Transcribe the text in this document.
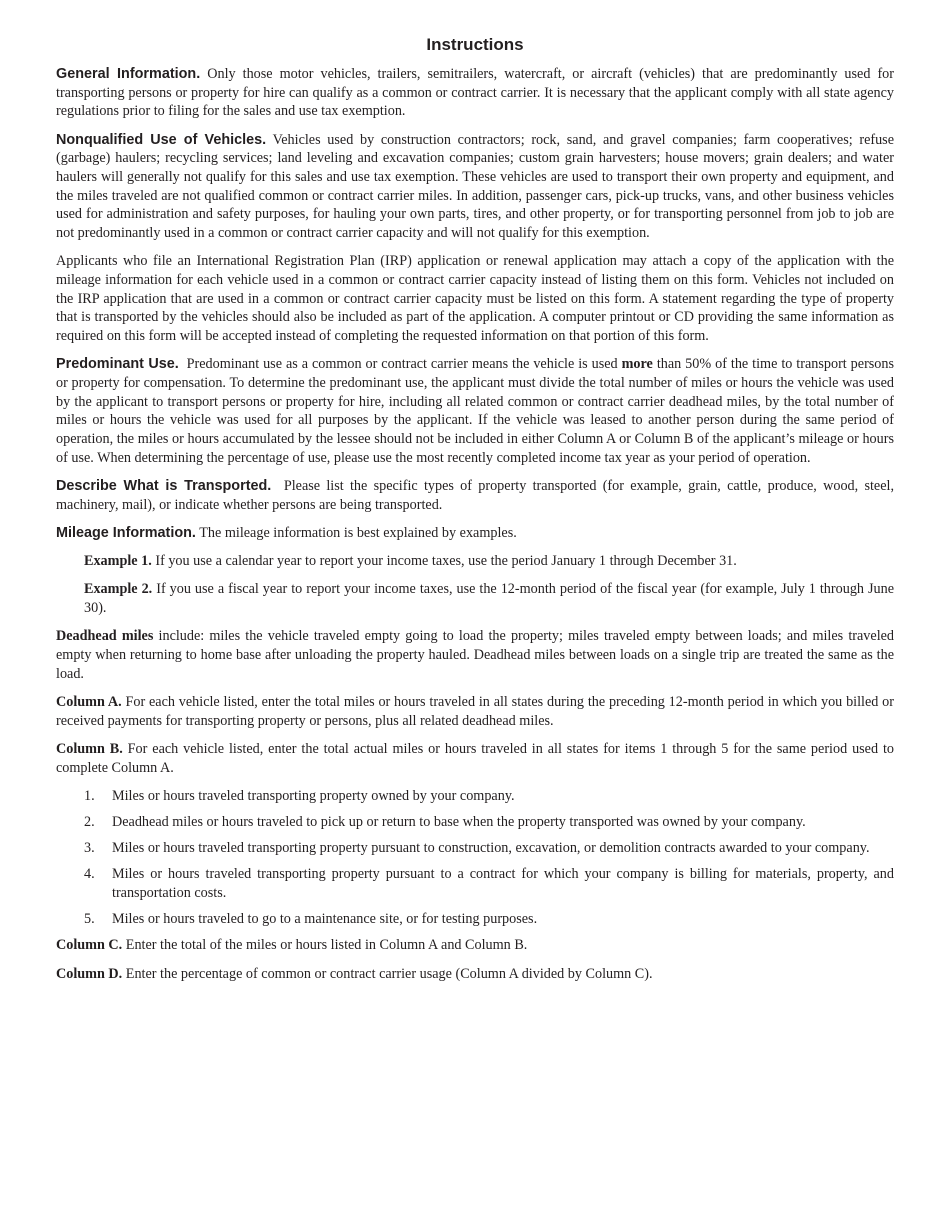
Instructions

General Information. Only those motor vehicles, trailers, semitrailers, watercraft, or aircraft (vehicles) that are predominantly used for transporting persons or property for hire can qualify as a common or contract carrier. It is necessary that the applicant comply with all state agency regulations prior to filing for the sales and use tax exemption.

Nonqualified Use of Vehicles. Vehicles used by construction contractors; rock, sand, and gravel companies; farm cooperatives; refuse (garbage) haulers; recycling services; land leveling and excavation companies; custom grain harvesters; house movers; grain dealers; and water haulers will generally not qualify for this sales and use tax exemption. These vehicles are used to transport their own property and equipment, and the miles traveled are not qualified common or contract carrier miles. In addition, passenger cars, pick-up trucks, vans, and other business vehicles used for administration and safety purposes, for hauling your own parts, tires, and other property, or for transporting personnel from job to job are not predominantly used in a common or contract carrier capacity and will not qualify for this exemption.

Applicants who file an International Registration Plan (IRP) application or renewal application may attach a copy of the application with the mileage information for each vehicle used in a common or contract carrier capacity instead of listing them on this form. Vehicles not included on the IRP application that are used in a common or contract carrier capacity must be listed on this form. A statement regarding the type of property that is transported by the vehicles should also be included as part of the application. A computer printout or CD providing the same information as required on this form will be accepted instead of completing the requested information on that portion of this form.

Predominant Use. Predominant use as a common or contract carrier means the vehicle is used more than 50% of the time to transport persons or property for compensation. To determine the predominant use, the applicant must divide the total number of miles or hours the vehicle was used by the applicant to transport persons or property for hire, including all related common or contract carrier deadhead miles, by the total number of miles or hours the vehicle was used for all purposes by the applicant. If the vehicle was leased to another person during the same period of operation, the miles or hours accumulated by the lessee should not be included in either Column A or Column B of the applicant’s mileage or hours of use. When determining the percentage of use, please use the most recently completed income tax year as your period of operation.

Describe What is Transported. Please list the specific types of property transported (for example, grain, cattle, produce, wood, steel, machinery, mail), or indicate whether persons are being transported.

Mileage Information. The mileage information is best explained by examples.

Example 1. If you use a calendar year to report your income taxes, use the period January 1 through December 31.

Example 2. If you use a fiscal year to report your income taxes, use the 12-month period of the fiscal year (for example, July 1 through June 30).

Deadhead miles include: miles the vehicle traveled empty going to load the property; miles traveled empty between loads; and miles traveled empty when returning to home base after unloading the property hauled. Deadhead miles between loads on a single trip are treated the same as the load.

Column A. For each vehicle listed, enter the total miles or hours traveled in all states during the preceding 12-month period in which you billed or received payments for transporting property or persons, plus all related deadhead miles.

Column B. For each vehicle listed, enter the total actual miles or hours traveled in all states for items 1 through 5 for the same period used to complete Column A.

1.	Miles or hours traveled transporting property owned by your company.
2.	Deadhead miles or hours traveled to pick up or return to base when the property transported was owned by your company.
3.	Miles or hours traveled transporting property pursuant to construction, excavation, or demolition contracts awarded to your company.
4.	Miles or hours traveled transporting property pursuant to a contract for which your company is billing for materials, property, and transportation costs.
5.	Miles or hours traveled to go to a maintenance site, or for testing purposes.

Column C. Enter the total of the miles or hours listed in Column A and Column B.

Column D. Enter the percentage of common or contract carrier usage (Column A divided by Column C).
